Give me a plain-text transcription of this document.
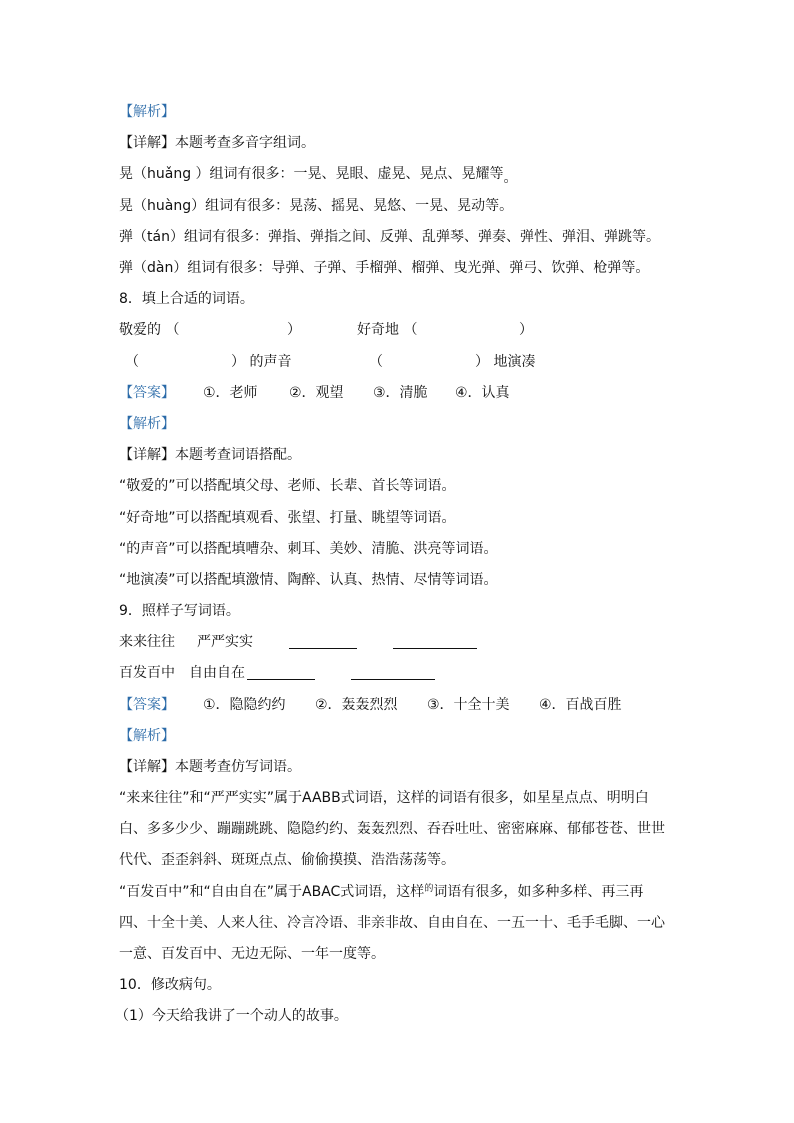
【解析】
【详解】本题考查多音字组词。
晃（huǎng ）组词有很多：一晃、晃眼、虚晃、晃点、晃耀等。
晃（huàng）组词有很多：晃荡、摇晃、晃悠、一晃、晃动等。
弹（tán）组词有很多：弹指、弹指之间、反弹、乱弹琴、弹奏、弹性、弹泪、弹跳等。
弹（dàn）组词有很多：导弹、子弹、手榴弹、榴弹、曳光弹、弹弓、饮弹、枪弹等。
8．填上合适的词语。
敬爱的 （	）	好奇地 （	）
（	） 的声音	（	） 地演凑
【答案】 ①．老师 ②．观望 ③．清脆 ④．认真
【解析】
【详解】本题考查词语搭配。
“敬爱的”可以搭配填父母、老师、长辈、首长等词语。
“好奇地”可以搭配填观看、张望、打量、眺望等词语。
“的声音”可以搭配填嘈杂、刺耳、美妙、清脆、洪亮等词语。
“地演凑”可以搭配填激情、陶醉、认真、热情、尽情等词语。
9．照样子写词语。
来来往往 严严实实
百发百中 自由自在
【答案】 ①．隐隐约约 ②．轰轰烈烈 ③．十全十美 ④．百战百胜
【解析】
【详解】本题考查仿写词语。
“来来往往”和“严严实实”属于AABB式词语，这样的词语有很多，如星星点点、明明白
白、多多少少、蹦蹦跳跳、隐隐约约、轰轰烈烈、吞吞吐吐、密密麻麻、郁郁苍苍、世世
代代、歪歪斜斜、斑斑点点、偷偷摸摸、浩浩荡荡等。
“百发百中”和“自由自在”属于ABAC式词语，这样$^的$词语有很多，如多种多样、再三再
四、十全十美、人来人往、冷言冷语、非亲非故、自由自在、一五一十、毛手毛脚、一心
一意、百发百中、无边无际、一年一度等。
10．修改病句。
（1）今天给我讲了一个动人的故事。
